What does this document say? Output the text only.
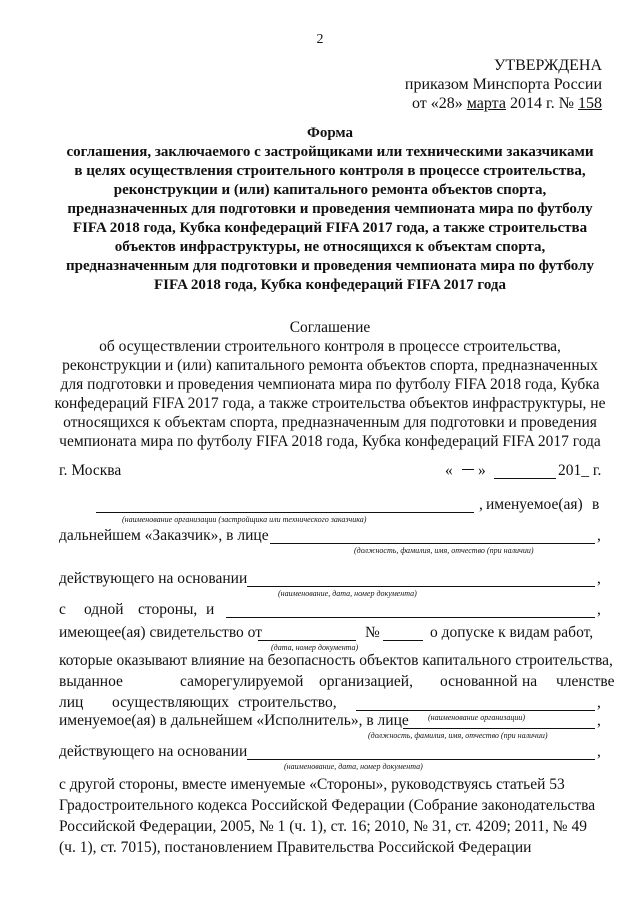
2
УТВЕРЖДЕНА
приказом Минспорта России
от «28» марта 2014 г. № 158
Форма
соглашения, заключаемого с застройщиками или техническими заказчиками
в целях осуществления строительного контроля в процессе строительства,
реконструкции и (или) капитального ремонта объектов спорта,
предназначенных для подготовки и проведения чемпионата мира по футболу
FIFA 2018 года, Кубка конфедераций FIFA 2017 года, а также строительства
объектов инфраструктуры, не относящихся к объектам спорта,
предназначенным для подготовки и проведения чемпионата мира по футболу
FIFA 2018 года, Кубка конфедераций FIFA 2017 года
Соглашение
об осуществлении строительного контроля в процессе строительства,
реконструкции и (или) капитального ремонта объектов спорта, предназначенных
для подготовки и проведения чемпионата мира по футболу FIFA 2018 года, Кубка
конфедераций FIFA 2017 года, а также строительства объектов инфраструктуры, не
относящихся к объектам спорта, предназначенным для подготовки и проведения
чемпионата мира по футболу FIFA 2018 года, Кубка конфедераций FIFA 2017 года
г. Москва	« »	201_ г.
, именуемое(ая) в
(наименование организации (застройщика или технического заказчика)
дальнейшем «Заказчик», в лице	,
(должность, фамилия, имя, отчество (при наличии)
действующего на основании	,
(наименование, дата, номер документа)
с одной стороны, и	,
имеющее(ая) свидетельство от	№	о допуске к видам работ,
(дата, номер документа)
которые оказывают влияние на безопасность объектов капитального строительства,
выданное	саморегулируемой организацией, основанной на членстве
лиц осуществляющих строительство,	,
(наименование организации)
именуемое(ая) в дальнейшем «Исполнитель», в лице	,
(должность, фамилия, имя, отчество (при наличии)
действующего на основании	,
(наименование, дата, номер документа)
с другой стороны, вместе именуемые «Стороны», руководствуясь статьей 53
Градостроительного кодекса Российской Федерации (Собрание законодательства
Российской Федерации, 2005, № 1 (ч. 1), ст. 16; 2010, № 31, ст. 4209; 2011, № 49
(ч. 1), ст. 7015), постановлением Правительства Российской Федерации
